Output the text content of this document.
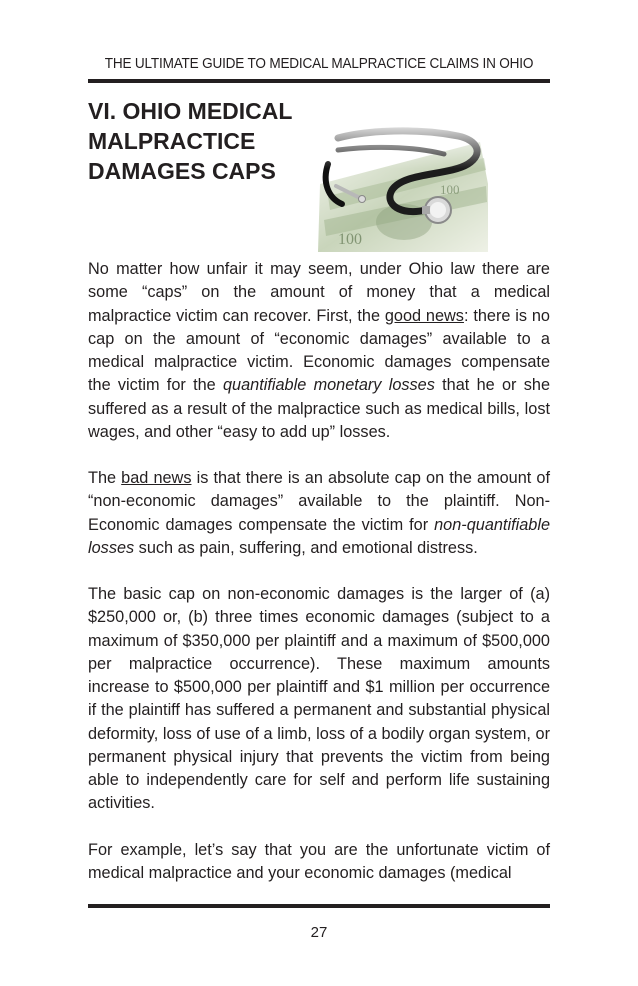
THE ULTIMATE GUIDE TO MEDICAL MALPRACTICE CLAIMS IN OHIO
VI. OHIO MEDICAL MALPRACTICE
DAMAGES CAPS

No matter how unfair it may seem, under Ohio law there are some “caps” on the amount of money that a medical malpractice victim can recover. First, the good news: there is no cap on the amount of “economic damages” available to a medical malpractice victim. Economic damages compensate the victim for the quantifiable monetary losses that he or she suffered as a result of the malpractice such as medical bills, lost wages, and other “easy to add up” losses.

The bad news is that there is an absolute cap on the amount of “non-economic damages” available to the plaintiff. Non-Economic damages compensate the victim for non-quantifiable losses such as pain, suffering, and emotional distress.

The basic cap on non-economic damages is the larger of (a) $250,000 or, (b) three times economic damages (subject to a maximum of $350,000 per plaintiff and a maximum of $500,000 per malpractice occurrence). These maximum amounts increase to $500,000 per plaintiff and $1 million per occurrence if the plaintiff has suffered a permanent and substantial physical deformity, loss of use of a limb, loss of a bodily organ system, or permanent physical injury that prevents the victim from being able to independently care for self and perform life sustaining activities.

For example, let’s say that you are the unfortunate victim of medical malpractice and your economic damages (medical

27
